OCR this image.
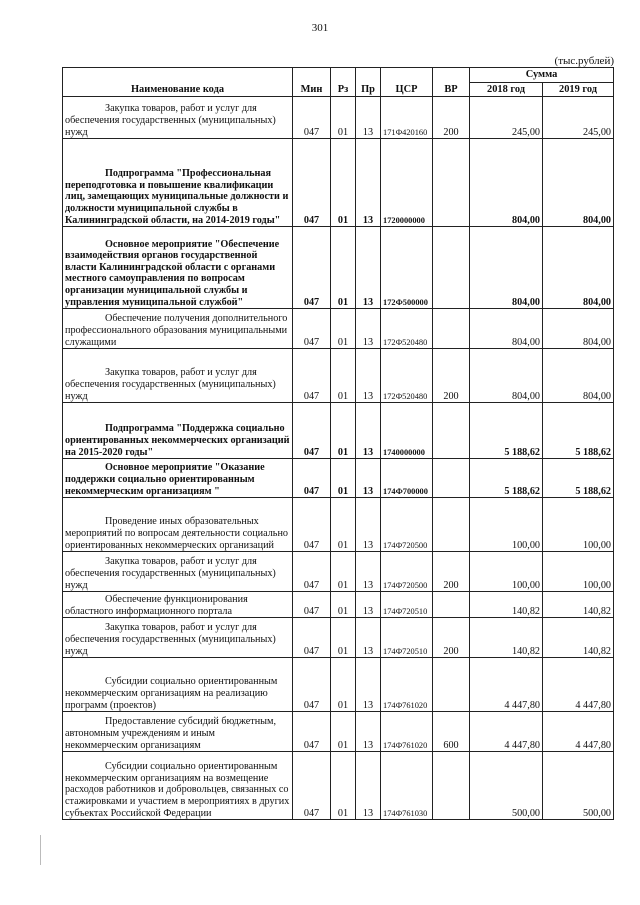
301
(тыс.рублей)
Наименование кода	Мин	Рз	Пр	ЦСР	ВР	Сумма	
						2018 год	2019 год
Закупка товаров, работ и услуг для обеспечения государственных (муниципальных) нужд	047	01	13	171Ф420160	200	245,00	245,00
Подпрограмма "Профессиональная переподготовка и повышение квалификации лиц, замещающих муниципальные должности и должности муниципальной службы в Калининградской области, на 2014-2019 годы"	047	01	13	1720000000		804,00	804,00
Основное мероприятие "Обеспечение взаимодействия органов государственной власти Калининградской области с органами местного самоуправления по вопросам организации муниципальной службы и управления муниципальной службой"	047	01	13	172Ф500000		804,00	804,00
Обеспечение получения дополнительного профессионального образования муниципальными служащими	047	01	13	172Ф520480		804,00	804,00
Закупка товаров, работ и услуг для обеспечения государственных (муниципальных) нужд	047	01	13	172Ф520480	200	804,00	804,00
Подпрограмма "Поддержка социально ориентированных некоммерческих организаций на 2015-2020 годы"	047	01	13	1740000000		5 188,62	5 188,62
Основное мероприятие "Оказание поддержки социально ориентированным некоммерческим организациям "	047	01	13	174Ф700000		5 188,62	5 188,62
Проведение иных образовательных мероприятий по вопросам деятельности социально ориентированных некоммерческих организаций	047	01	13	174Ф720500		100,00	100,00
Закупка товаров, работ и услуг для обеспечения государственных (муниципальных) нужд	047	01	13	174Ф720500	200	100,00	100,00
Обеспечение функционирования областного информационного портала	047	01	13	174Ф720510		140,82	140,82
Закупка товаров, работ и услуг для обеспечения государственных (муниципальных) нужд	047	01	13	174Ф720510	200	140,82	140,82
Субсидии социально ориентированным некоммерческим организациям на реализацию программ (проектов)	047	01	13	174Ф761020		4 447,80	4 447,80
Предоставление субсидий бюджетным, автономным учреждениям и иным некоммерческим организациям	047	01	13	174Ф761020	600	4 447,80	4 447,80
Субсидии социально ориентированным некоммерческим организациям на возмещение расходов работников и добровольцев, связанных со стажировками и участием в мероприятиях в других субъектах Российской Федерации	047	01	13	174Ф761030		500,00	500,00
